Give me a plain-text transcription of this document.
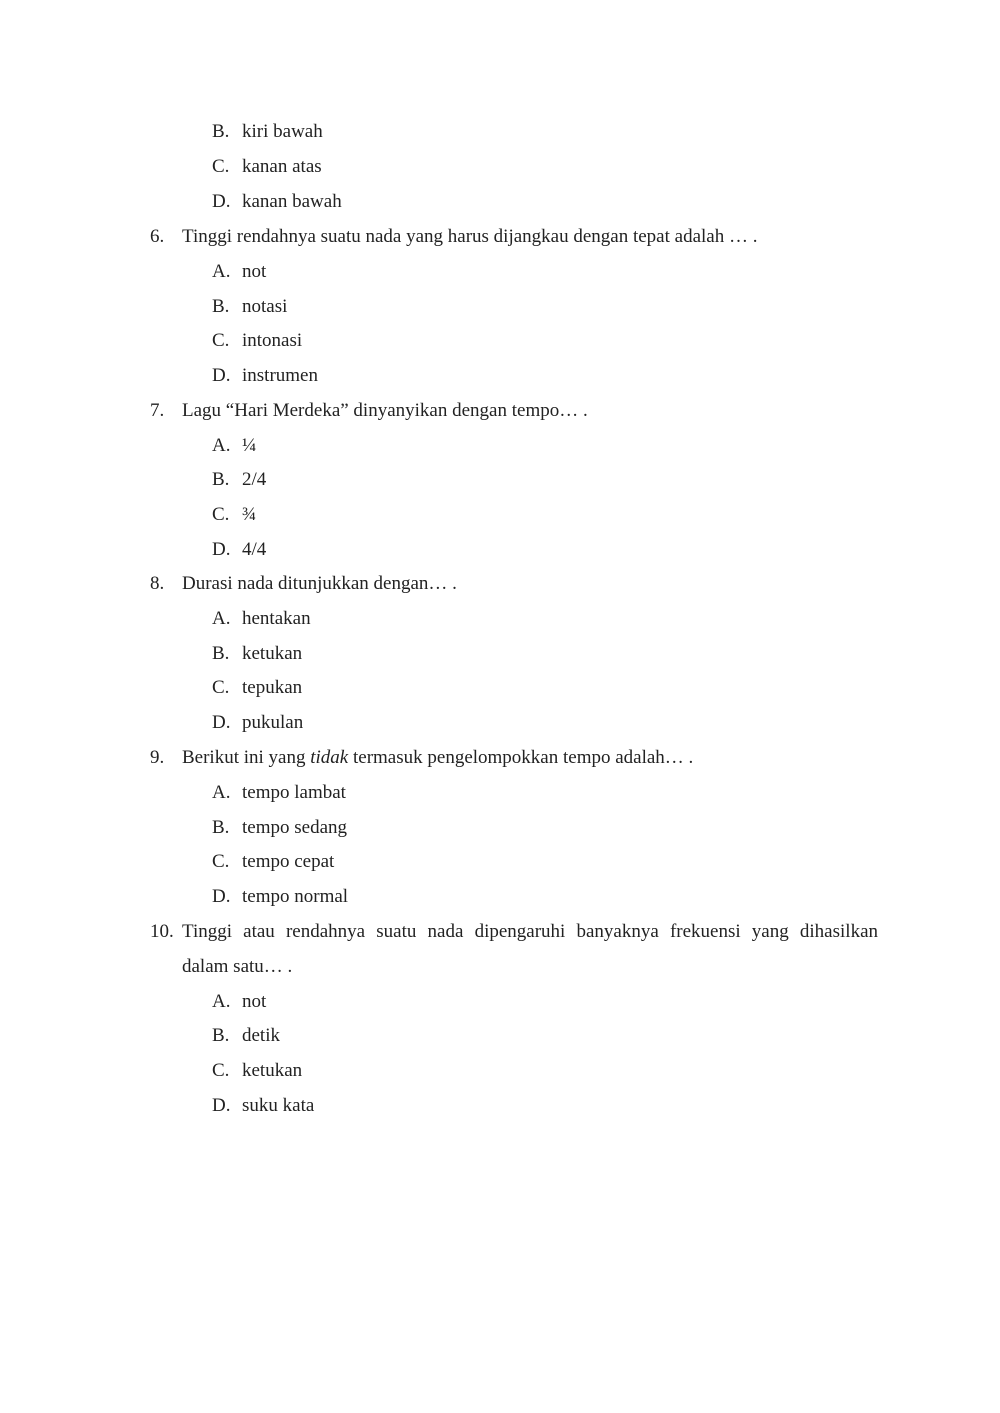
B. kiri bawah
C. kanan atas
D. kanan bawah
6. Tinggi rendahnya suatu nada yang harus dijangkau dengan tepat adalah … .
A. not
B. notasi
C. intonasi
D. instrumen
7. Lagu “Hari Merdeka” dinyanyikan dengan tempo… .
A. ¼
B. 2/4
C. ¾
D. 4/4
8. Durasi nada ditunjukkan dengan… .
A. hentakan
B. ketukan
C. tepukan
D. pukulan
9. Berikut ini yang tidak termasuk pengelompokkan tempo adalah… .
A. tempo lambat
B. tempo sedang
C. tempo cepat
D. tempo normal
10. Tinggi atau rendahnya suatu nada dipengaruhi banyaknya frekuensi yang dihasilkan
dalam satu… .
A. not
B. detik
C. ketukan
D. suku kata
